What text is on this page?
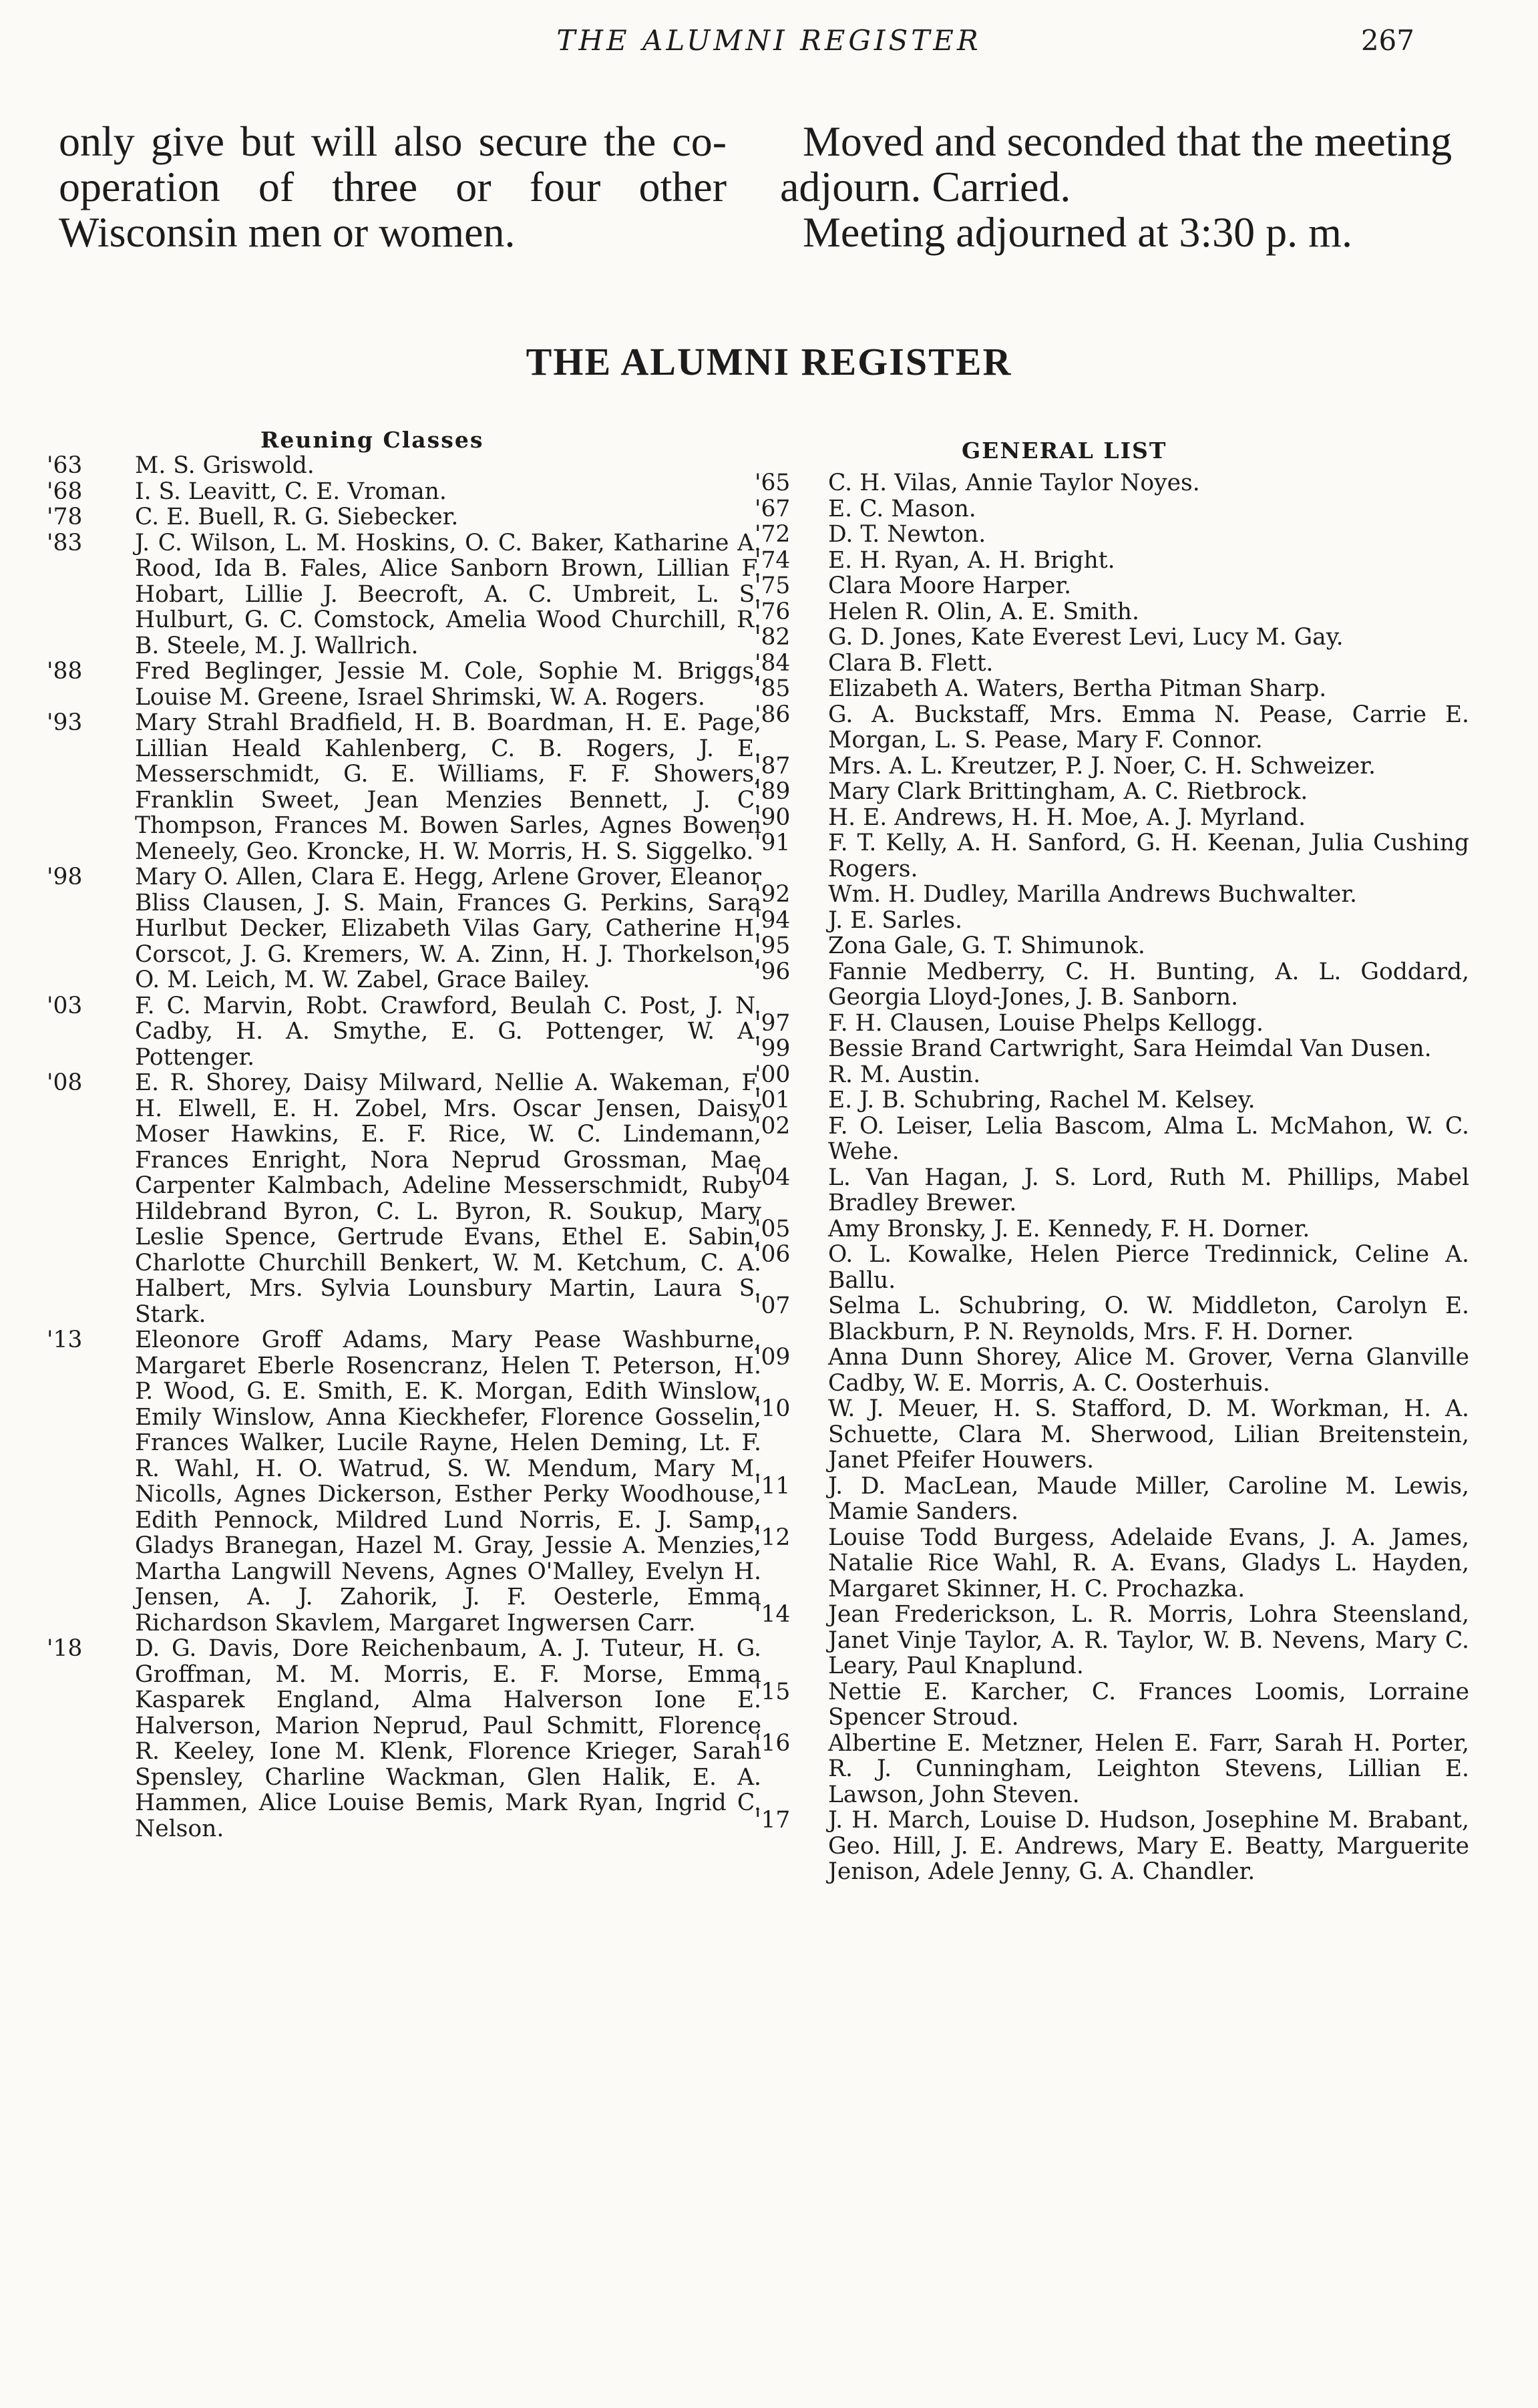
THE ALUMNI REGISTER	267

only give but will also secure the co-operation of three or four other Wisconsin men or women.

Moved and seconded that the meeting adjourn. Carried.

Meeting adjourned at 3:30 p. m.

THE ALUMNI REGISTER
Reuning Classes
'63	M. S. Griswold.
'68	I. S. Leavitt, C. E. Vroman.
'78	C. E. Buell, R. G. Siebecker.
'83	J. C. Wilson, L. M. Hoskins, O. C. Baker, Katharine A. Rood, Ida B. Fales, Alice Sanborn Brown, Lillian F. Hobart, Lillie J. Beecroft, A. C. Umbreit, L. S. Hulburt, G. C. Comstock, Amelia Wood Churchill, R. B. Steele, M. J. Wallrich.
'88	Fred Beglinger, Jessie M. Cole, Sophie M. Briggs, Louise M. Greene, Israel Shrimski, W. A. Rogers.
'93	Mary Strahl Bradfield, H. B. Boardman, H. E. Page, Lillian Heald Kahlenberg, C. B. Rogers, J. E. Messerschmidt, G. E. Williams, F. F. Showers, Franklin Sweet, Jean Menzies Bennett, J. C. Thompson, Frances M. Bowen Sarles, Agnes Bowen Meneely, Geo. Kroncke, H. W. Morris, H. S. Siggelko.
'98	Mary O. Allen, Clara E. Hegg, Arlene Grover, Eleanor Bliss Clausen, J. S. Main, Frances G. Perkins, Sara Hurlbut Decker, Elizabeth Vilas Gary, Catherine H. Corscot, J. G. Kremers, W. A. Zinn, H. J. Thorkelson, O. M. Leich, M. W. Zabel, Grace Bailey.
'03	F. C. Marvin, Robt. Crawford, Beulah C. Post, J. N. Cadby, H. A. Smythe, E. G. Pottenger, W. A. Pottenger.
'08	E. R. Shorey, Daisy Milward, Nellie A. Wakeman, F. H. Elwell, E. H. Zobel, Mrs. Oscar Jensen, Daisy Moser Hawkins, E. F. Rice, W. C. Lindemann, Frances Enright, Nora Neprud Grossman, Mae Carpenter Kalmbach, Adeline Messerschmidt, Ruby Hildebrand Byron, C. L. Byron, R. Soukup, Mary Leslie Spence, Gertrude Evans, Ethel E. Sabin, Charlotte Churchill Benkert, W. M. Ketchum, C. A. Halbert, Mrs. Sylvia Lounsbury Martin, Laura S. Stark.
'13	Eleonore Groff Adams, Mary Pease Washburne, Margaret Eberle Rosencranz, Helen T. Peterson, H. P. Wood, G. E. Smith, E. K. Morgan, Edith Winslow, Emily Winslow, Anna Kieckhefer, Florence Gosselin, Frances Walker, Lucile Rayne, Helen Deming, Lt. F. R. Wahl, H. O. Watrud, S. W. Mendum, Mary M. Nicolls, Agnes Dickerson, Esther Perky Woodhouse, Edith Pennock, Mildred Lund Norris, E. J. Samp, Gladys Branegan, Hazel M. Gray, Jessie A. Menzies, Martha Langwill Nevens, Agnes O'Malley, Evelyn H. Jensen, A. J. Zahorik, J. F. Oesterle, Emma Richardson Skavlem, Margaret Ingwersen Carr.
'18	D. G. Davis, Dore Reichenbaum, A. J. Tuteur, H. G. Groffman, M. M. Morris, E. F. Morse, Emma Kasparek England, Alma Halverson Ione E. Halverson, Marion Neprud, Paul Schmitt, Florence R. Keeley, Ione M. Klenk, Florence Krieger, Sarah Spensley, Charline Wackman, Glen Halik, E. A. Hammen, Alice Louise Bemis, Mark Ryan, Ingrid C. Nelson.
GENERAL LIST
'65	C. H. Vilas, Annie Taylor Noyes.
'67	E. C. Mason.
'72	D. T. Newton.
'74	E. H. Ryan, A. H. Bright.
'75	Clara Moore Harper.
'76	Helen R. Olin, A. E. Smith.
'82	G. D. Jones, Kate Everest Levi, Lucy M. Gay.
'84	Clara B. Flett.
'85	Elizabeth A. Waters, Bertha Pitman Sharp.
'86	G. A. Buckstaff, Mrs. Emma N. Pease, Carrie E. Morgan, L. S. Pease, Mary F. Connor.
'87	Mrs. A. L. Kreutzer, P. J. Noer, C. H. Schweizer.
'89	Mary Clark Brittingham, A. C. Rietbrock.
'90	H. E. Andrews, H. H. Moe, A. J. Myrland.
'91	F. T. Kelly, A. H. Sanford, G. H. Keenan, Julia Cushing Rogers.
'92	Wm. H. Dudley, Marilla Andrews Buchwalter.
'94	J. E. Sarles.
'95	Zona Gale, G. T. Shimunok.
'96	Fannie Medberry, C. H. Bunting, A. L. Goddard, Georgia Lloyd-Jones, J. B. Sanborn.
'97	F. H. Clausen, Louise Phelps Kellogg.
'99	Bessie Brand Cartwright, Sara Heimdal Van Dusen.
'00	R. M. Austin.
'01	E. J. B. Schubring, Rachel M. Kelsey.
'02	F. O. Leiser, Lelia Bascom, Alma L. McMahon, W. C. Wehe.
'04	L. Van Hagan, J. S. Lord, Ruth M. Phillips, Mabel Bradley Brewer.
'05	Amy Bronsky, J. E. Kennedy, F. H. Dorner.
'06	O. L. Kowalke, Helen Pierce Tredinnick, Celine A. Ballu.
'07	Selma L. Schubring, O. W. Middleton, Carolyn E. Blackburn, P. N. Reynolds, Mrs. F. H. Dorner.
'09	Anna Dunn Shorey, Alice M. Grover, Verna Glanville Cadby, W. E. Morris, A. C. Oosterhuis.
'10	W. J. Meuer, H. S. Stafford, D. M. Workman, H. A. Schuette, Clara M. Sherwood, Lilian Breitenstein, Janet Pfeifer Houwers.
'11	J. D. MacLean, Maude Miller, Caroline M. Lewis, Mamie Sanders.
'12	Louise Todd Burgess, Adelaide Evans, J. A. James, Natalie Rice Wahl, R. A. Evans, Gladys L. Hayden, Margaret Skinner, H. C. Prochazka.
'14	Jean Frederickson, L. R. Morris, Lohra Steensland, Janet Vinje Taylor, A. R. Taylor, W. B. Nevens, Mary C. Leary, Paul Knaplund.
'15	Nettie E. Karcher, C. Frances Loomis, Lorraine Spencer Stroud.
'16	Albertine E. Metzner, Helen E. Farr, Sarah H. Porter, R. J. Cunningham, Leighton Stevens, Lillian E. Lawson, John Steven.
'17	J. H. March, Louise D. Hudson, Josephine M. Brabant, Geo. Hill, J. E. Andrews, Mary E. Beatty, Marguerite Jenison, Adele Jenny, G. A. Chandler.
